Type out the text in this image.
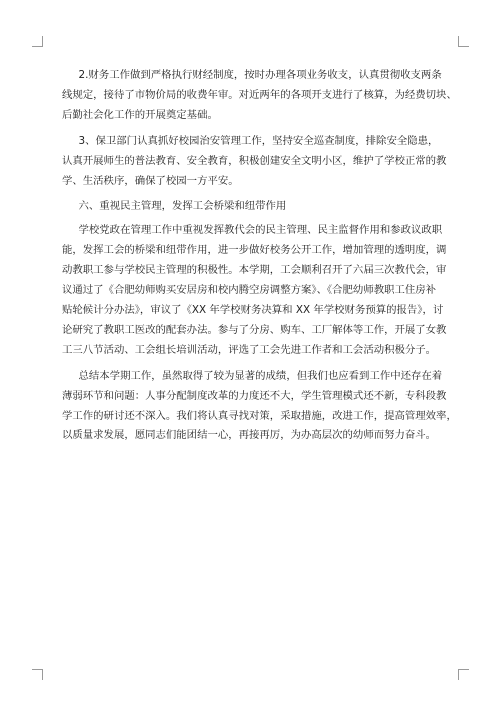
2.财务工作做到严格执行财经制度，按时办理各项业务收支，认真贯彻收支两条
线规定，接待了市物价局的收费年审。对近两年的各项开支进行了核算，为经费切块、
后勤社会化工作的开展奠定基础。

3、保卫部门认真抓好校园治安管理工作，坚持安全巡查制度，排除安全隐患，
认真开展师生的普法教育、安全教育，积极创建安全文明小区，维护了学校正常的教
学、生活秩序，确保了校园一方平安。

六、重视民主管理，发挥工会桥梁和纽带作用

学校党政在管理工作中重视发挥教代会的民主管理、民主监督作用和参政议政职
能，发挥工会的桥梁和纽带作用，进一步做好校务公开工作，增加管理的透明度，调
动教职工参与学校民主管理的积极性。本学期，工会顺利召开了六届三次教代会，审
议通过了《合肥幼师购买安居房和校内腾空房调整方案》、《合肥幼师教职工住房补
贴轮候计分办法》，审议了《XX 年学校财务决算和 XX 年学校财务预算的报告》，讨
论研究了教职工医改的配套办法。参与了分房、购车、工厂解体等工作，开展了女教
工三八节活动、工会组长培训活动，评选了工会先进工作者和工会活动积极分子。

总结本学期工作，虽然取得了较为显著的成绩，但我们也应看到工作中还存在着
薄弱环节和问题：人事分配制度改革的力度还不大，学生管理模式还不新，专科段教
学工作的研讨还不深入。我们将认真寻找对策，采取措施，改进工作，提高管理效率，
以质量求发展，愿同志们能团结一心，再接再厉，为办高层次的幼师而努力奋斗。
